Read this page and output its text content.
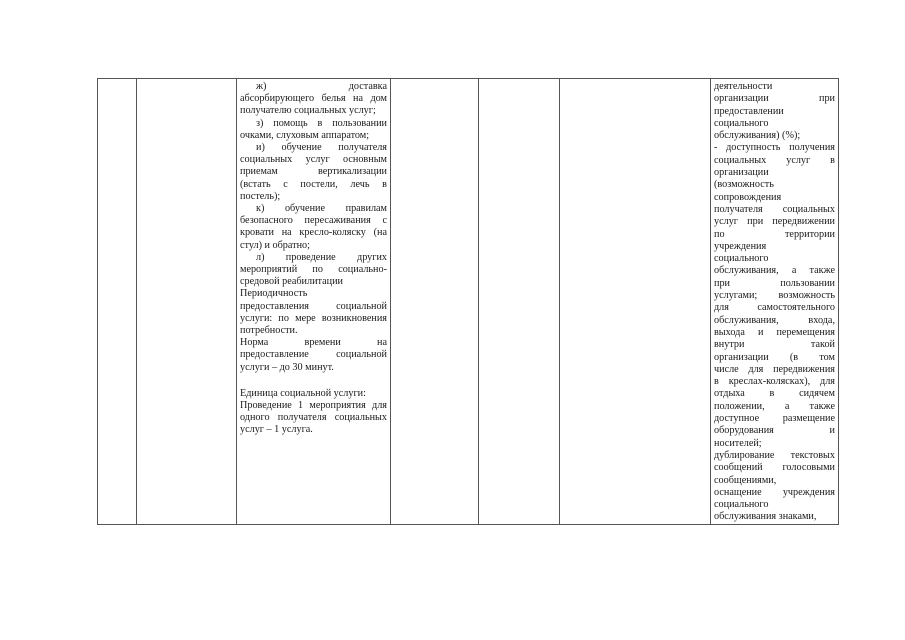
ж) доставка

абсорбирующего белья на дом

получателю социальных услуг;

з) помощь в пользовании

очками, слуховым аппаратом;

и) обучение получателя

социальных услуг основным

приемам вертикализации

(встать с постели, лечь в

постель);

к) обучение правилам

безопасного пересаживания с

кровати на кресло-коляску (на

стул) и обратно;

л) проведение других

мероприятий по социально-

средовой реабилитации

Периодичность

предоставления социальной

услуги: по мере возникновения

потребности.

Норма времени на

предоставление социальной

услуги – до 30 минут.

Единица социальной услуги:

Проведение 1 мероприятия для

одного получателя социальных

услуг – 1 услуга.

деятельности

организации при

предоставлении

социального

обслуживания) (%);

- доступность получения

социальных услуг в

организации

(возможность

сопровождения

получателя социальных

услуг при передвижении

по территории

учреждения

социального

обслуживания, а также

при пользовании

услугами; возможность

для самостоятельного

обслуживания, входа,

выхода и перемещения

внутри такой

организации (в том

числе для передвижения

в креслах-колясках), для

отдыха в сидячем

положении, а также

доступное размещение

оборудования и

носителей;

дублирование текстовых

сообщений голосовыми

сообщениями,

оснащение учреждения

социального

обслуживания знаками,
